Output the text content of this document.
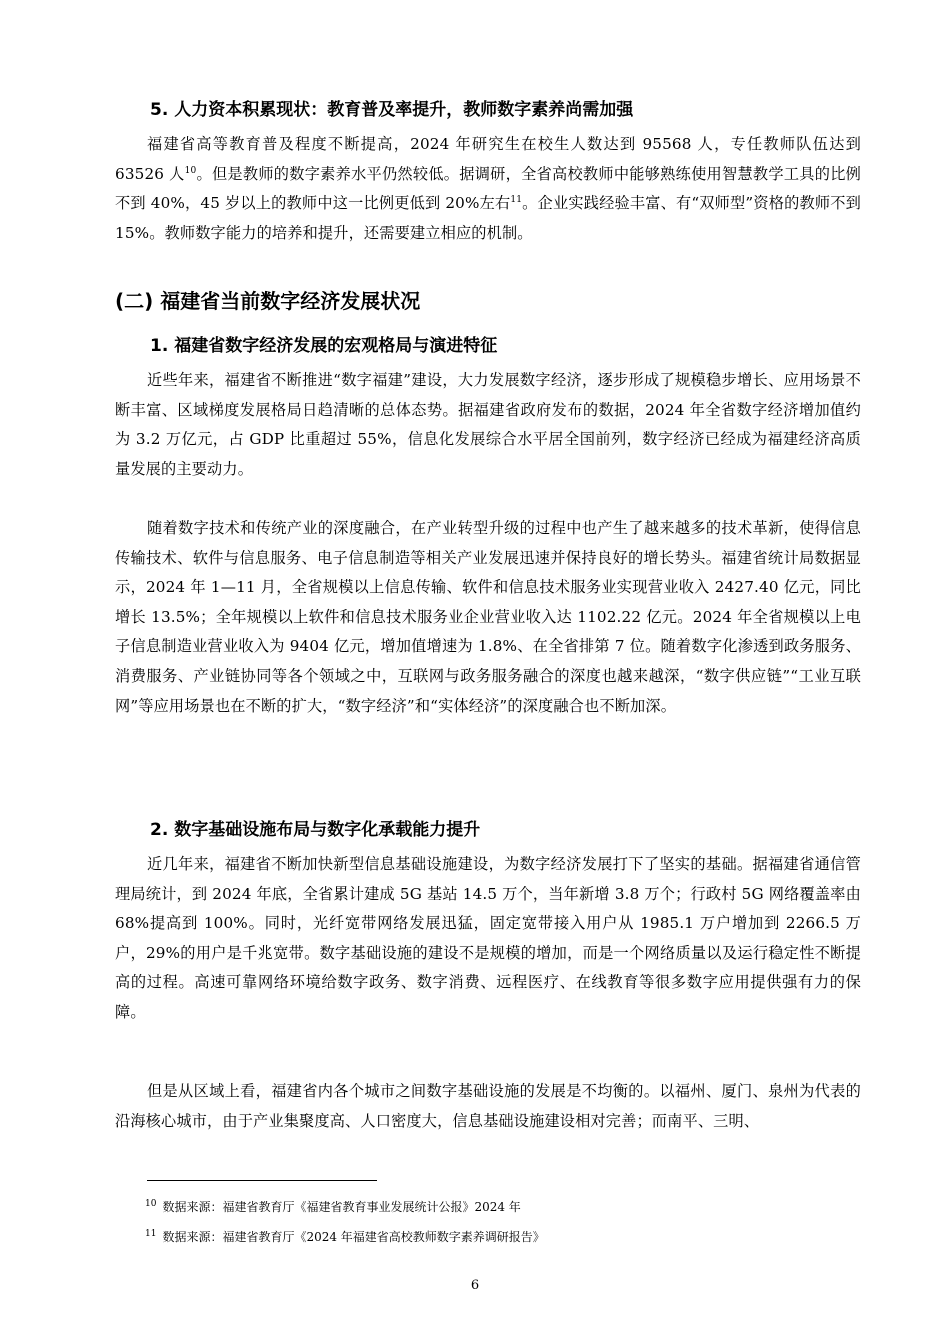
5. 人力资本积累现状：教育普及率提升，教师数字素养尚需加强
福建省高等教育普及程度不断提高，2024 年研究生在校生人数达到 95568 人，专任教师队伍达到 63526 人$^{10}$。但是教师的数字素养水平仍然较低。据调研，全省高校教师中能够熟练使用智慧教学工具的比例不到 40%，45 岁以上的教师中这一比例更低到 20%左右$^{11}$。企业实践经验丰富、有“双师型”资格的教师不到 15%。教师数字能力的培养和提升，还需要建立相应的机制。
(二) 福建省当前数字经济发展状况
1. 福建省数字经济发展的宏观格局与演进特征
近些年来，福建省不断推进“数字福建”建设，大力发展数字经济，逐步形成了规模稳步增长、应用场景不断丰富、区域梯度发展格局日趋清晰的总体态势。据福建省政府发布的数据，2024 年全省数字经济增加值约为 3.2 万亿元，占 GDP 比重超过 55%，信息化发展综合水平居全国前列，数字经济已经成为福建经济高质量发展的主要动力。
随着数字技术和传统产业的深度融合，在产业转型升级的过程中也产生了越来越多的技术革新，使得信息传输技术、软件与信息服务、电子信息制造等相关产业发展迅速并保持良好的增长势头。福建省统计局数据显示，2024 年 1—11 月，全省规模以上信息传输、软件和信息技术服务业实现营业收入 2427.40 亿元，同比增长 13.5%；全年规模以上软件和信息技术服务业企业营业收入达 1102.22 亿元。2024 年全省规模以上电子信息制造业营业收入为 9404 亿元，增加值增速为 1.8%、在全省排第 7 位。随着数字化渗透到政务服务、消费服务、产业链协同等各个领域之中，互联网与政务服务融合的深度也越来越深，“数字供应链”“工业互联网”等应用场景也在不断的扩大，“数字经济”和“实体经济”的深度融合也不断加深。
2. 数字基础设施布局与数字化承载能力提升
近几年来，福建省不断加快新型信息基础设施建设，为数字经济发展打下了坚实的基础。据福建省通信管理局统计，到 2024 年底，全省累计建成 5G 基站 14.5 万个，当年新增 3.8 万个；行政村 5G 网络覆盖率由 68%提高到 100%。同时，光纤宽带网络发展迅猛，固定宽带接入用户从 1985.1 万户增加到 2266.5 万户，29%的用户是千兆宽带。数字基础设施的建设不是规模的增加，而是一个网络质量以及运行稳定性不断提高的过程。高速可靠网络环境给数字政务、数字消费、远程医疗、在线教育等很多数字应用提供强有力的保障。
但是从区域上看，福建省内各个城市之间数字基础设施的发展是不均衡的。以福州、厦门、泉州为代表的沿海核心城市，由于产业集聚度高、人口密度大，信息基础设施建设相对完善；而南平、三明、
$^{10}$ 数据来源：福建省教育厅《福建省教育事业发展统计公报》2024 年
$^{11}$ 数据来源：福建省教育厅《2024 年福建省高校教师数字素养调研报告》
6
